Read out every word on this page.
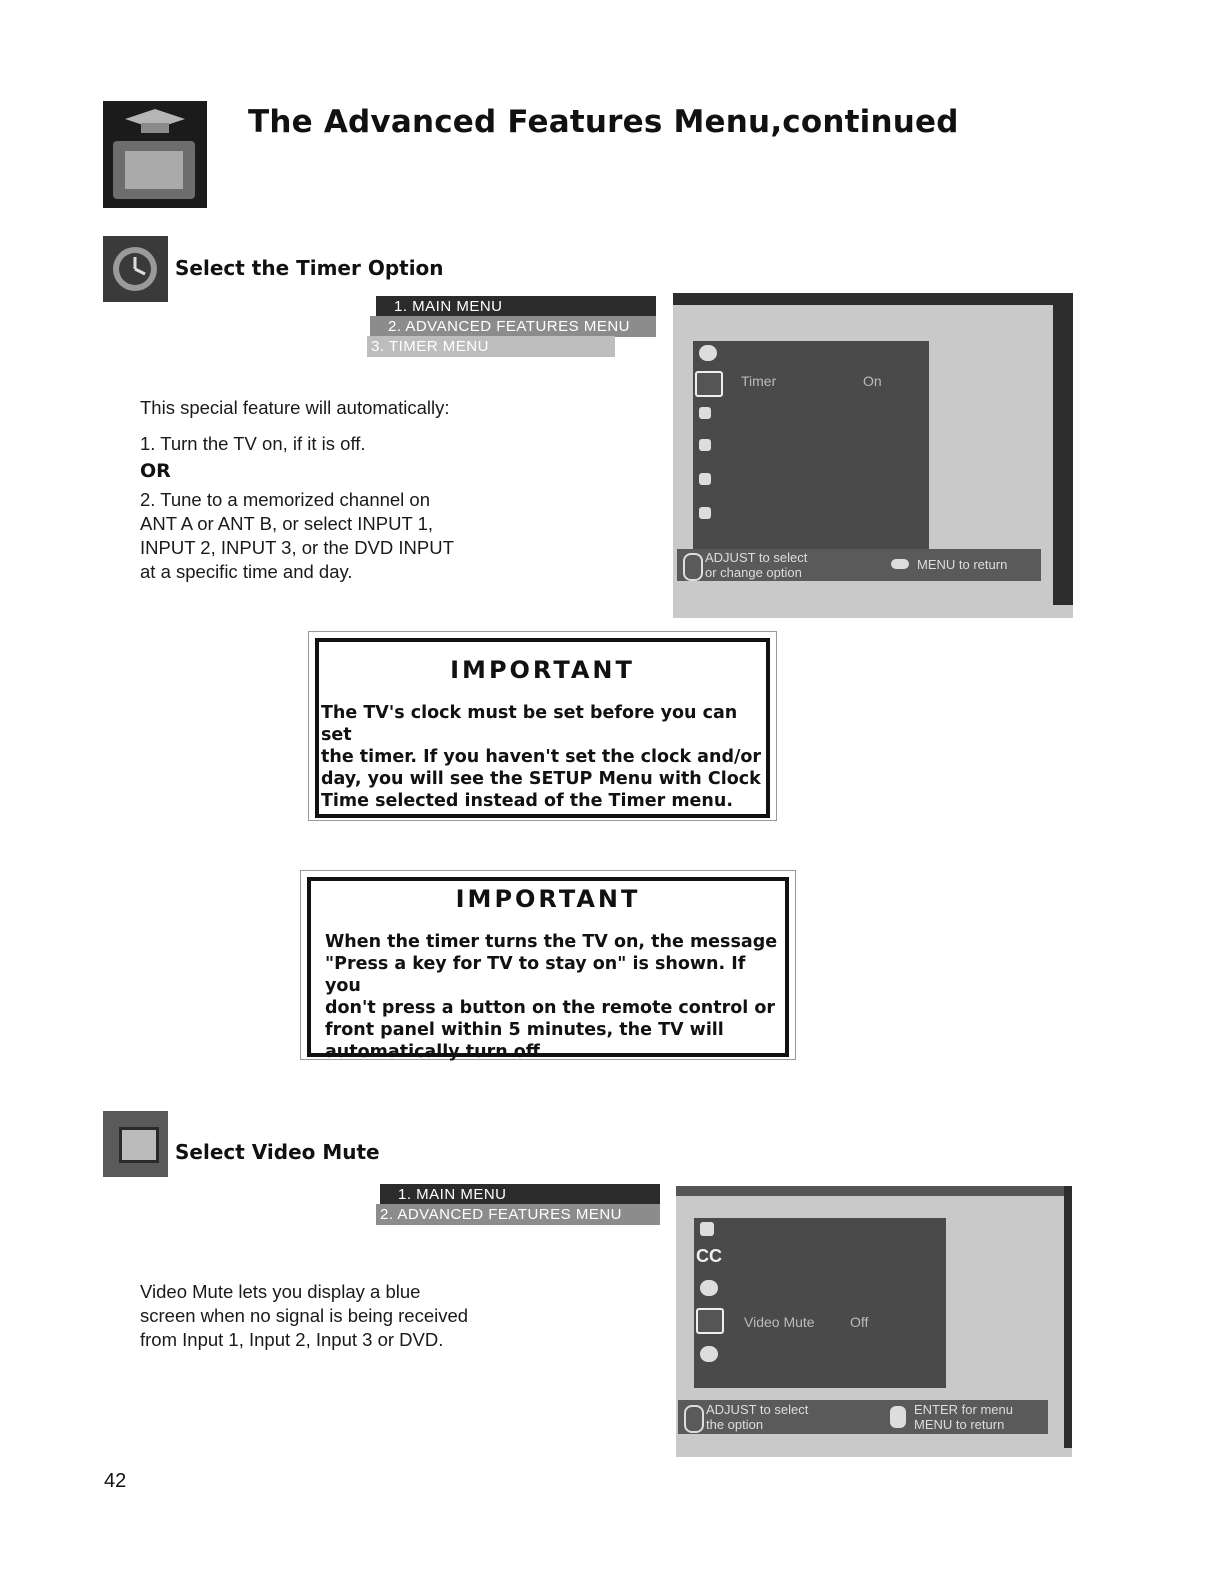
The Advanced Features Menu,continued
Select the Timer Option
1. MAIN MENU
2. ADVANCED FEATURES MENU
3. TIMER MENU
This special feature will automatically:
1. Turn the TV on, if it is off.
OR
2. Tune to a memorized channel on
ANT A or ANT B, or select INPUT 1,
INPUT 2, INPUT 3, or the DVD INPUT
at a specific time and day.
Timer	On
ADJUST to select
or change option
MENU to return
IMPORTANT
The TV's clock must be set before you can set
the timer. If you haven't set the clock and/or
day, you will see the SETUP Menu with Clock
Time selected instead of the Timer menu.
IMPORTANT
When the timer turns the TV on, the message
"Press a key for TV to stay on" is shown. If you
don't press a button on the remote control or
front panel within 5 minutes, the TV will
automatically turn off.
Select Video Mute
1. MAIN MENU
2. ADVANCED FEATURES MENU
Video Mute lets you display a blue
screen when no signal is being received
from Input 1, Input 2, Input 3 or DVD.
CC
Video Mute	Off
ADJUST to select
the option
ENTER for menu
MENU to return
42
